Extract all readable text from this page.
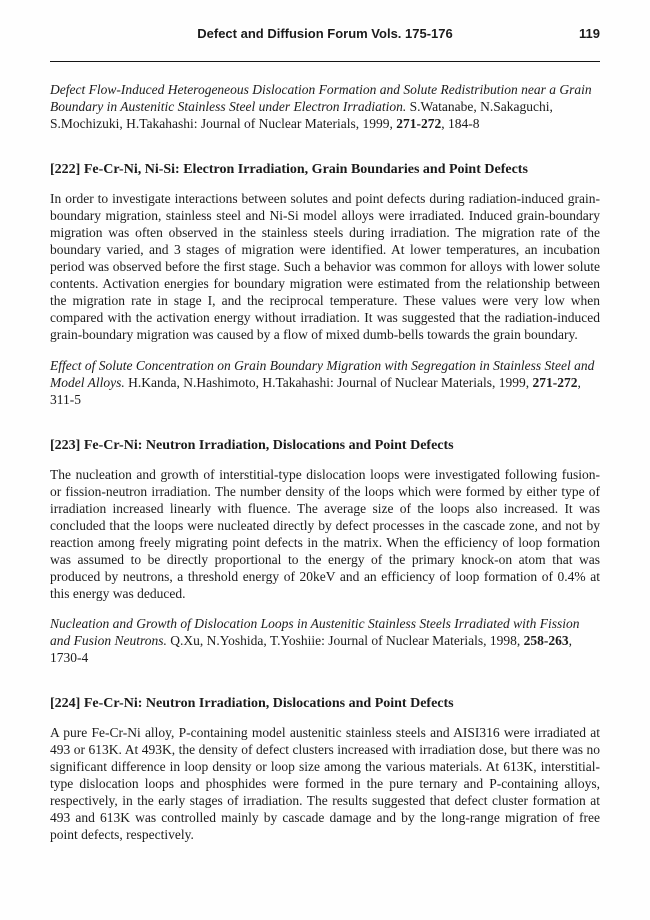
Defect and Diffusion Forum Vols. 175-176	119

Defect Flow-Induced Heterogeneous Dislocation Formation and Solute Redistribution near a Grain Boundary in Austenitic Stainless Steel under Electron Irradiation. S.Watanabe, N.Sakaguchi, S.Mochizuki, H.Takahashi: Journal of Nuclear Materials, 1999, 271-272, 184-8

[222] Fe-Cr-Ni, Ni-Si: Electron Irradiation, Grain Boundaries and Point Defects

In order to investigate interactions between solutes and point defects during radiation-induced grain-boundary migration, stainless steel and Ni-Si model alloys were irradiated. Induced grain-boundary migration was often observed in the stainless steels during irradiation. The migration rate of the boundary varied, and 3 stages of migration were identified. At lower temperatures, an incubation period was observed before the first stage. Such a behavior was common for alloys with lower solute contents. Activation energies for boundary migration were estimated from the relationship between the migration rate in stage I, and the reciprocal temperature. These values were very low when compared with the activation energy without irradiation. It was suggested that the radiation-induced grain-boundary migration was caused by a flow of mixed dumb-bells towards the grain boundary.

Effect of Solute Concentration on Grain Boundary Migration with Segregation in Stainless Steel and Model Alloys. H.Kanda, N.Hashimoto, H.Takahashi: Journal of Nuclear Materials, 1999, 271-272, 311-5

[223] Fe-Cr-Ni: Neutron Irradiation, Dislocations and Point Defects

The nucleation and growth of interstitial-type dislocation loops were investigated following fusion- or fission-neutron irradiation. The number density of the loops which were formed by either type of irradiation increased linearly with fluence. The average size of the loops also increased. It was concluded that the loops were nucleated directly by defect processes in the cascade zone, and not by reaction among freely migrating point defects in the matrix. When the efficiency of loop formation was assumed to be directly proportional to the energy of the primary knock-on atom that was produced by neutrons, a threshold energy of 20keV and an efficiency of loop formation of 0.4% at this energy was deduced.

Nucleation and Growth of Dislocation Loops in Austenitic Stainless Steels Irradiated with Fission and Fusion Neutrons. Q.Xu, N.Yoshida, T.Yoshiie: Journal of Nuclear Materials, 1998, 258-263, 1730-4

[224] Fe-Cr-Ni: Neutron Irradiation, Dislocations and Point Defects

A pure Fe-Cr-Ni alloy, P-containing model austenitic stainless steels and AISI316 were irradiated at 493 or 613K. At 493K, the density of defect clusters increased with irradiation dose, but there was no significant difference in loop density or loop size among the various materials. At 613K, interstitial-type dislocation loops and phosphides were formed in the pure ternary and P-containing alloys, respectively, in the early stages of irradiation. The results suggested that defect cluster formation at 493 and 613K was controlled mainly by cascade damage and by the long-range migration of free point defects, respectively.
